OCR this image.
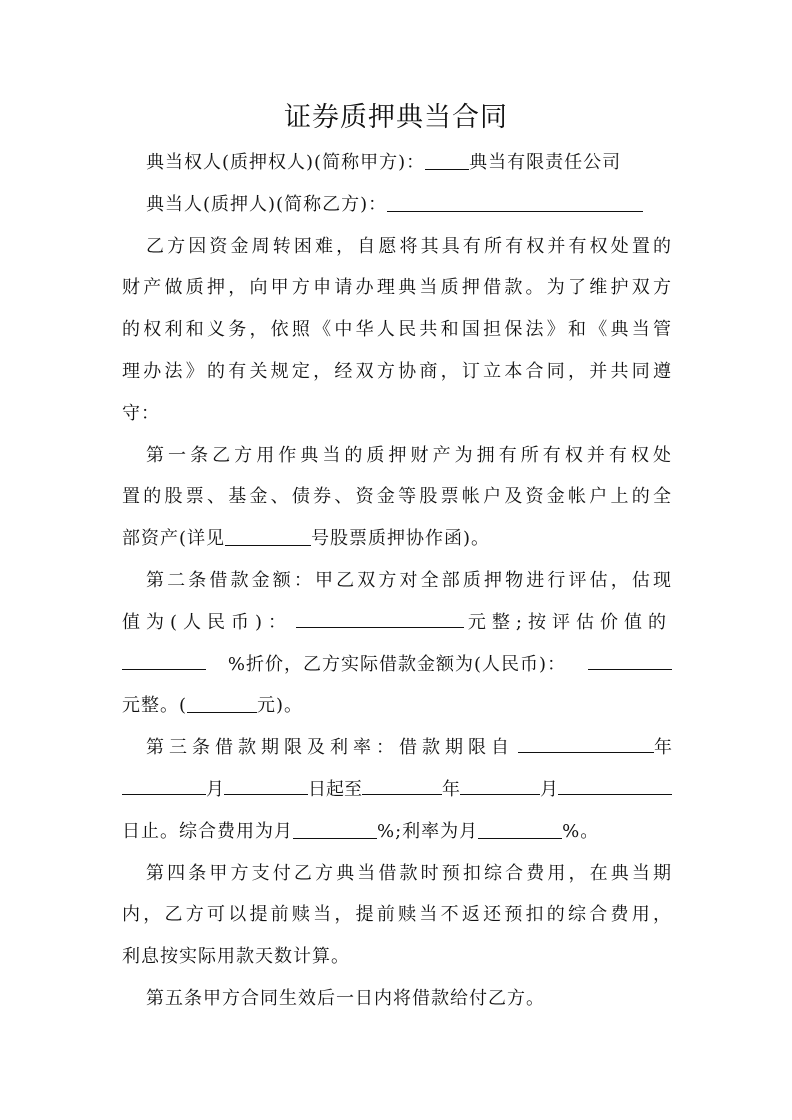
证券质押典当合同

典当权人(质押权人)(简称甲方)： 典当有限责任公司

典当人(质押人)(简称乙方)：

乙方因资金周转困难，自愿将其具有所有权并有权处置的

财产做质押，向甲方申请办理典当质押借款。为了维护双方

的权利和义务，依照《中华人民共和国担保法》和《典当管

理办法》的有关规定，经双方协商，订立本合同，并共同遵

守：

第一条乙方用作典当的质押财产为拥有所有权并有权处

置的股票、基金、债券、资金等股票帐户及资金帐户上的全

部资产(详见	号股票质押协作函)。

第二条借款金额：甲乙双方对全部质押物进行评估，估现

值为(人民币)：	元整;按评估价值的

%折价，乙方实际借款金额为(人民币)：

元整。(	元)。

第三条借款期限及利率：借款期限自	年

月	日起至	年	月

日止。综合费用为月	%;利率为月	%。

第四条甲方支付乙方典当借款时预扣综合费用，在典当期

内，乙方可以提前赎当，提前赎当不返还预扣的综合费用，

利息按实际用款天数计算。

第五条甲方合同生效后一日内将借款给付乙方。
